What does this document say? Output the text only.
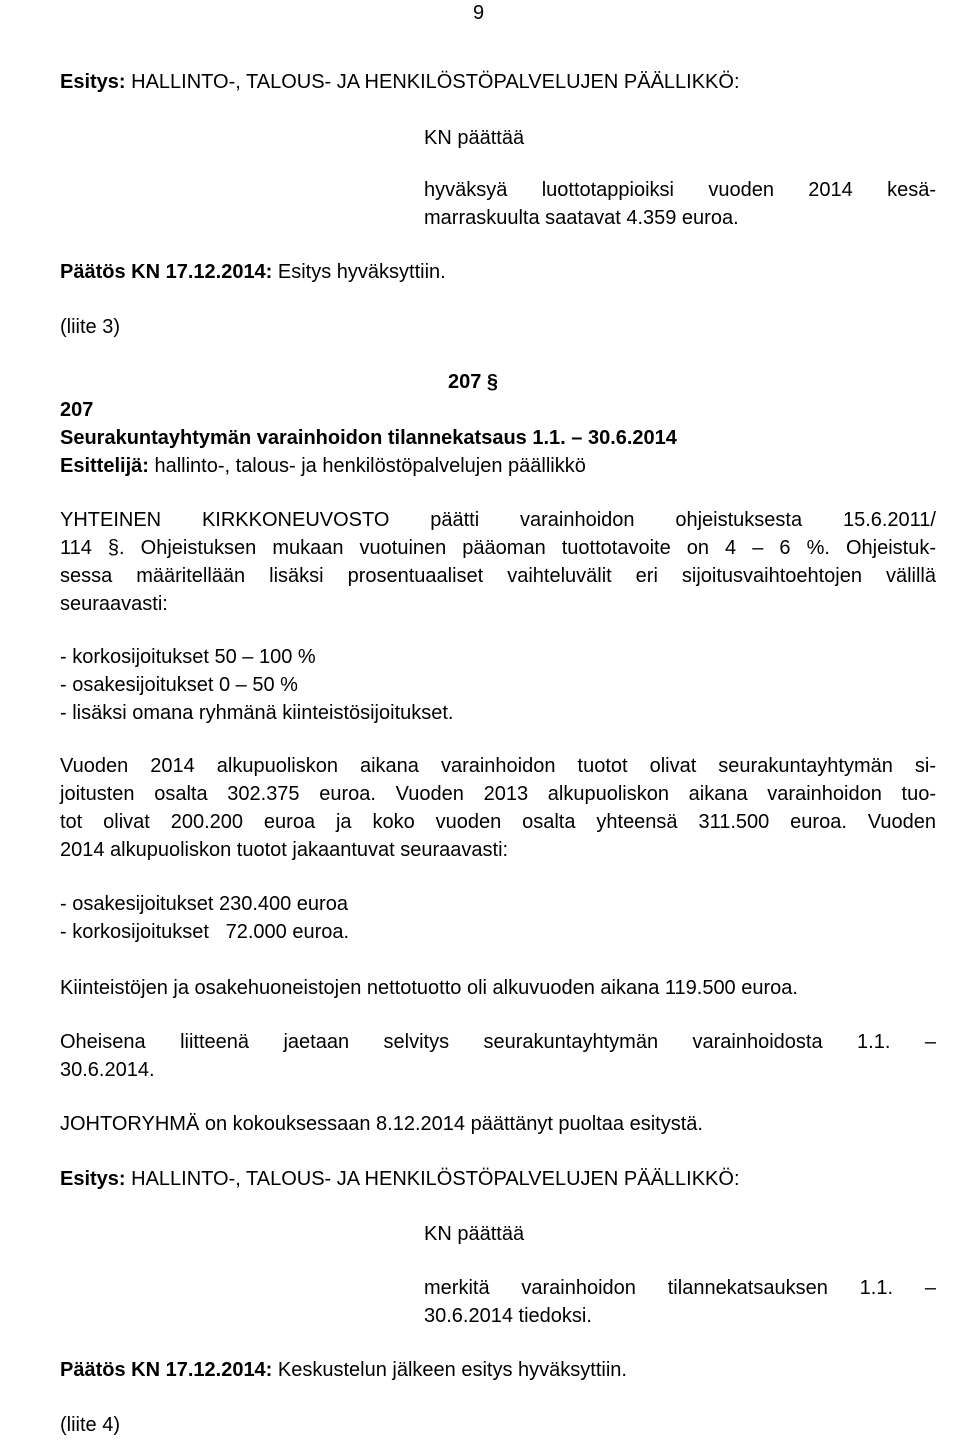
9
Esitys: HALLINTO-, TALOUS- JA HENKILÖSTÖPALVELUJEN PÄÄLLIKKÖ:
KN päättää
hyväksyä luottotappioiksi vuoden 2014 kesä-
marraskuulta saatavat 4.359 euroa.
Päätös KN 17.12.2014: Esitys hyväksyttiin.
(liite 3)
207 §
207
Seurakuntayhtymän varainhoidon tilannekatsaus 1.1. – 30.6.2014
Esittelijä: hallinto-, talous- ja henkilöstöpalvelujen päällikkö
YHTEINEN KIRKKONEUVOSTO päätti varainhoidon ohjeistuksesta 15.6.2011/
114 §. Ohjeistuksen mukaan vuotuinen pääoman tuottotavoite on 4 – 6 %. Ohjeistuk-
sessa määritellään lisäksi prosentuaaliset vaihteluvälit eri sijoitusvaihtoehtojen välillä
seuraavasti:
- korkosijoitukset 50 – 100 %
- osakesijoitukset 0 – 50 %
- lisäksi omana ryhmänä kiinteistösijoitukset.
Vuoden 2014 alkupuoliskon aikana varainhoidon tuotot olivat seurakuntayhtymän si-
joitusten osalta 302.375 euroa. Vuoden 2013 alkupuoliskon aikana varainhoidon tuo-
tot olivat 200.200 euroa ja koko vuoden osalta yhteensä 311.500 euroa. Vuoden
2014 alkupuoliskon tuotot jakaantuvat seuraavasti:
- osakesijoitukset 230.400 euroa
- korkosijoitukset   72.000 euroa.
Kiinteistöjen ja osakehuoneistojen nettotuotto oli alkuvuoden aikana 119.500 euroa.
Oheisena liitteenä jaetaan selvitys seurakuntayhtymän varainhoidosta 1.1. –
30.6.2014.
JOHTORYHMÄ on kokouksessaan 8.12.2014 päättänyt puoltaa esitystä.
Esitys: HALLINTO-, TALOUS- JA HENKILÖSTÖPALVELUJEN PÄÄLLIKKÖ:
KN päättää
merkitä varainhoidon tilannekatsauksen 1.1. –
30.6.2014 tiedoksi.
Päätös KN 17.12.2014: Keskustelun jälkeen esitys hyväksyttiin.
(liite 4)
